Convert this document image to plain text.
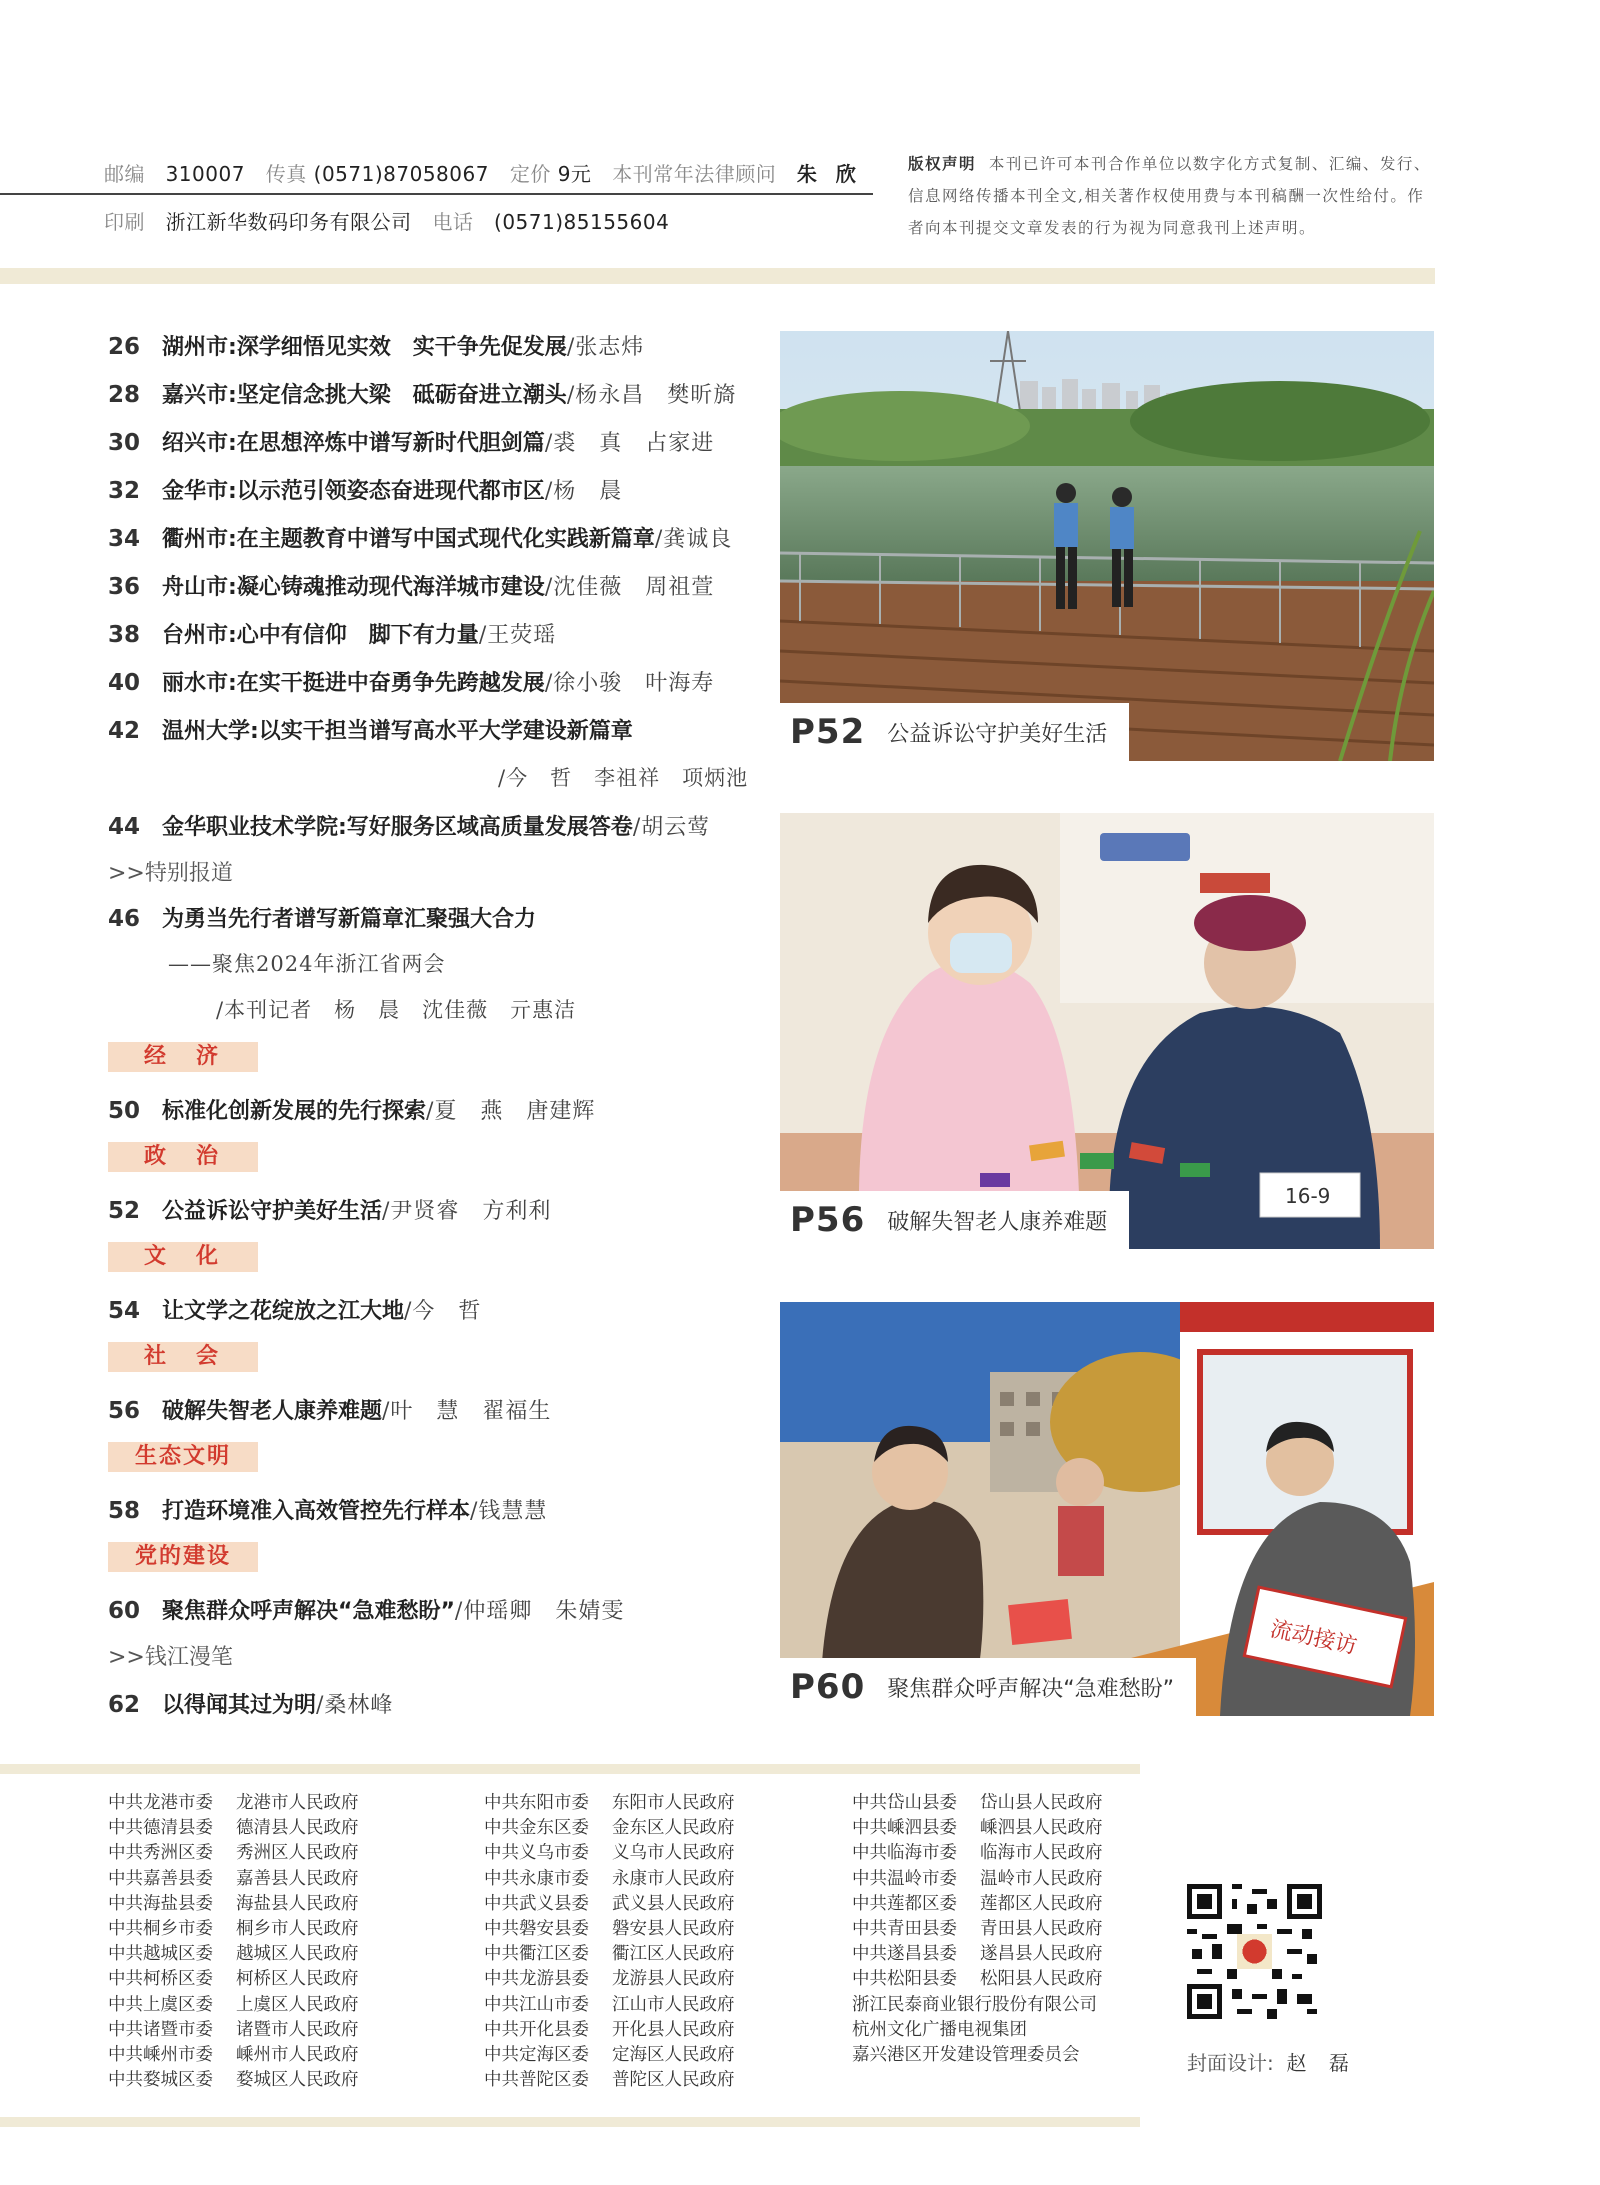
邮编 310007 传真 (0571)87058067 定价 9元 本刊常年法律顾问 朱 欣
印刷 浙江新华数码印务有限公司 电话 (0571)85155604
版权声明 本刊已许可本刊合作单位以数字化方式复制、汇编、发行、信息网络传播本刊全文,相关著作权使用费与本刊稿酬一次性给付。作者向本刊提交文章发表的行为视为同意我刊上述声明。
26 湖州市:深学细悟见实效　实干争先促发展/张志炜
28 嘉兴市:坚定信念挑大梁　砥砺奋进立潮头/杨永昌　樊昕旖
30 绍兴市:在思想淬炼中谱写新时代胆剑篇/裘　真　占家进
32 金华市:以示范引领姿态奋进现代都市区/杨　晨
34 衢州市:在主题教育中谱写中国式现代化实践新篇章/龚诚良
36 舟山市:凝心铸魂推动现代海洋城市建设/沈佳薇　周祖萱
38 台州市:心中有信仰　脚下有力量/王荧瑶
40 丽水市:在实干挺进中奋勇争先跨越发展/徐小骏　叶海寿
42 温州大学:以实干担当谱写高水平大学建设新篇章
/今　哲　李祖祥　项炳池
44 金华职业技术学院:写好服务区域高质量发展答卷/胡云莺
>>特别报道
46 为勇当先行者谱写新篇章汇聚强大合力
——聚焦2024年浙江省两会
/本刊记者　杨　晨　沈佳薇　亓惠洁
经　济
50 标准化创新发展的先行探索/夏　燕　唐建辉
政　治
52 公益诉讼守护美好生活/尹贤睿　方利利
文　化
54 让文学之花绽放之江大地/今　哲
社　会
56 破解失智老人康养难题/叶　慧　翟福生
生态文明
58 打造环境准入高效管控先行样本/钱慧慧
党的建设
60 聚焦群众呼声解决“急难愁盼”/仲瑶卿　朱婧雯
>>钱江漫笔
62 以得闻其过为明/桑林峰
P52	公益诉讼守护美好生活
16-9
P56	破解失智老人康养难题
流动接访
P60	聚焦群众呼声解决“急难愁盼”
中共龙港市委 龙港市人民政府
中共德清县委 德清县人民政府
中共秀洲区委 秀洲区人民政府
中共嘉善县委 嘉善县人民政府
中共海盐县委 海盐县人民政府
中共桐乡市委 桐乡市人民政府
中共越城区委 越城区人民政府
中共柯桥区委 柯桥区人民政府
中共上虞区委 上虞区人民政府
中共诸暨市委 诸暨市人民政府
中共嵊州市委 嵊州市人民政府
中共婺城区委 婺城区人民政府
中共东阳市委 东阳市人民政府
中共金东区委 金东区人民政府
中共义乌市委 义乌市人民政府
中共永康市委 永康市人民政府
中共武义县委 武义县人民政府
中共磐安县委 磐安县人民政府
中共衢江区委 衢江区人民政府
中共龙游县委 龙游县人民政府
中共江山市委 江山市人民政府
中共开化县委 开化县人民政府
中共定海区委 定海区人民政府
中共普陀区委 普陀区人民政府
中共岱山县委 岱山县人民政府
中共嵊泗县委 嵊泗县人民政府
中共临海市委 临海市人民政府
中共温岭市委 温岭市人民政府
中共莲都区委 莲都区人民政府
中共青田县委 青田县人民政府
中共遂昌县委 遂昌县人民政府
中共松阳县委 松阳县人民政府
浙江民泰商业银行股份有限公司
杭州文化广播电视集团
嘉兴港区开发建设管理委员会	封面设计: 赵 磊
